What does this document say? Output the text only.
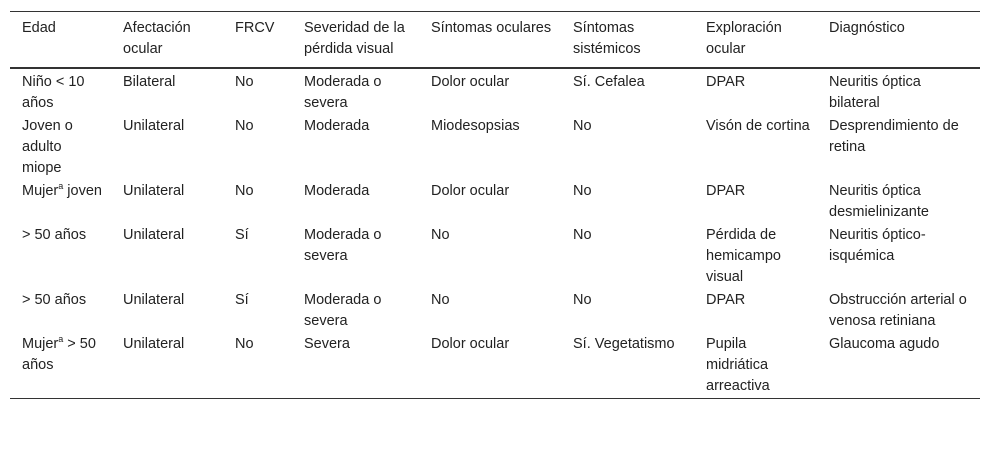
Edad	Afectación ocular	FRCV	Severidad de la pérdida visual	Síntomas oculares	Síntomas sistémicos	Exploración ocular	Diagnóstico
Niño < 10 años	Bilateral	No	Moderada o severa	Dolor ocular	Sí. Cefalea	DPAR	Neuritis óptica bilateral
Joven o adulto miope	Unilateral	No	Moderada	Miodesopsias	No	Visón de cortina	Desprendimiento de retina
Mujer$^a$ joven	Unilateral	No	Moderada	Dolor ocular	No	DPAR	Neuritis óptica desmielinizante
> 50 años	Unilateral	Sí	Moderada o severa	No	No	Pérdida de hemicampo visual	Neuritis óptico-isquémica
> 50 años	Unilateral	Sí	Moderada o severa	No	No	DPAR	Obstrucción arterial o venosa retiniana
Mujer$^a$ > 50 años	Unilateral	No	Severa	Dolor ocular	Sí. Vegetatismo	Pupila midriática arreactiva	Glaucoma agudo
